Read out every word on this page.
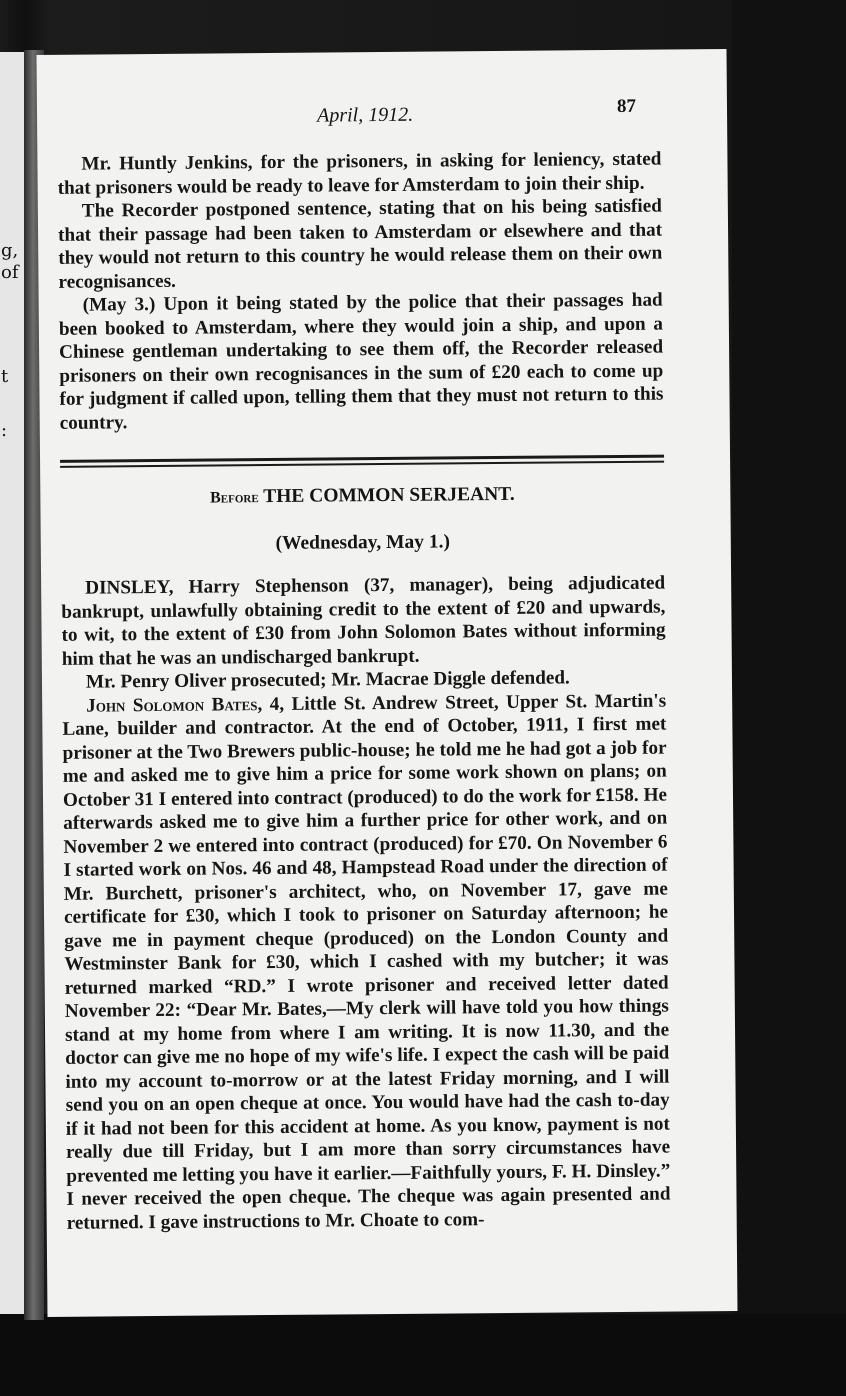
g,
of
t
:
April, 1912.	87

Mr. Huntly Jenkins, for the prisoners, in asking for leniency, stated that prisoners would be ready to leave for Amsterdam to join their ship.

The Recorder postponed sentence, stating that on his being satisfied that their passage had been taken to Amsterdam or elsewhere and that they would not return to this country he would release them on their own recognisances.

(May 3.) Upon it being stated by the police that their passages had been booked to Amsterdam, where they would join a ship, and upon a Chinese gentleman undertaking to see them off, the Recorder released prisoners on their own recognisances in the sum of £20 each to come up for judgment if called upon, telling them that they must not return to this country.

Before THE COMMON SERJEANT.
(Wednesday, May 1.)

DINSLEY, Harry Stephenson (37, manager), being adjudicated bankrupt, unlawfully obtaining credit to the extent of £20 and upwards, to wit, to the extent of £30 from John Solomon Bates without informing him that he was an undischarged bankrupt.

Mr. Penry Oliver prosecuted; Mr. Macrae Diggle defended.

John Solomon Bates, 4, Little St. Andrew Street, Upper St. Martin's Lane, builder and contractor. At the end of October, 1911, I first met prisoner at the Two Brewers public-house; he told me he had got a job for me and asked me to give him a price for some work shown on plans; on October 31 I entered into contract (produced) to do the work for £158. He afterwards asked me to give him a further price for other work, and on November 2 we entered into contract (produced) for £70. On November 6 I started work on Nos. 46 and 48, Hampstead Road under the direction of Mr. Burchett, prisoner's architect, who, on November 17, gave me certificate for £30, which I took to prisoner on Saturday afternoon; he gave me in payment cheque (produced) on the London County and Westminster Bank for £30, which I cashed with my butcher; it was returned marked “RD.” I wrote prisoner and received letter dated November 22: “Dear Mr. Bates,—My clerk will have told you how things stand at my home from where I am writing. It is now 11.30, and the doctor can give me no hope of my wife's life. I expect the cash will be paid into my account to-morrow or at the latest Friday morning, and I will send you on an open cheque at once. You would have had the cash to-day if it had not been for this accident at home. As you know, payment is not really due till Friday, but I am more than sorry circumstances have prevented me letting you have it earlier.—Faithfully yours, F. H. Dinsley.” I never received the open cheque. The cheque was again presented and returned. I gave instructions to Mr. Choate to com-
